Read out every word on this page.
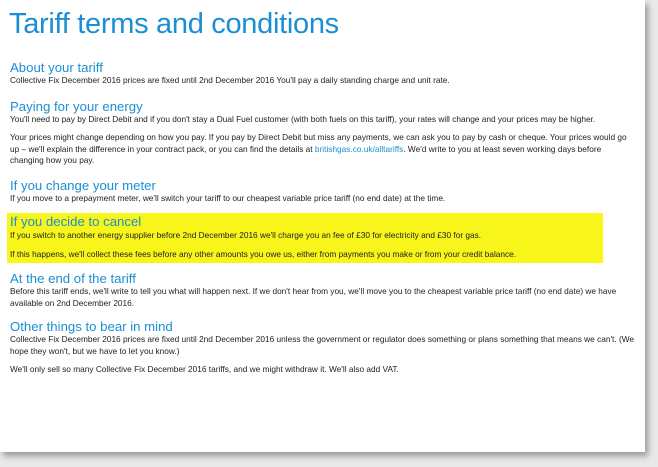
Tariff terms and conditions
About your tariff

Collective Fix December 2016 prices are fixed until 2nd December 2016 You'll pay a daily standing charge and unit rate.

Paying for your energy

You'll need to pay by Direct Debit and if you don't stay a Dual Fuel customer (with both fuels on this tariff), your rates will change and your prices may be higher.

Your prices might change depending on how you pay. If you pay by Direct Debit but miss any payments, we can ask you to pay by cash or cheque. Your prices would go up – we'll explain the difference in your contract pack, or you can find the details at britishgas.co.uk/alltariffs. We'd write to you at least seven working days before changing how you pay.

If you change your meter

If you move to a prepayment meter, we'll switch your tariff to our cheapest variable price tariff (no end date) at the time.

If you decide to cancel

If you switch to another energy supplier before 2nd December 2016 we'll charge you an fee of £30 for electricity and £30 for gas.

If this happens, we'll collect these fees before any other amounts you owe us, either from payments you make or from your credit balance.

At the end of the tariff

Before this tariff ends, we'll write to tell you what will happen next. If we don't hear from you, we'll move you to the cheapest variable price tariff (no end date) we have available on 2nd December 2016.

Other things to bear in mind

Collective Fix December 2016 prices are fixed until 2nd December 2016 unless the government or regulator does something or plans something that means we can't. (We hope they won't, but we have to let you know.)

We'll only sell so many Collective Fix December 2016 tariffs, and we might withdraw it. We'll also add VAT.
